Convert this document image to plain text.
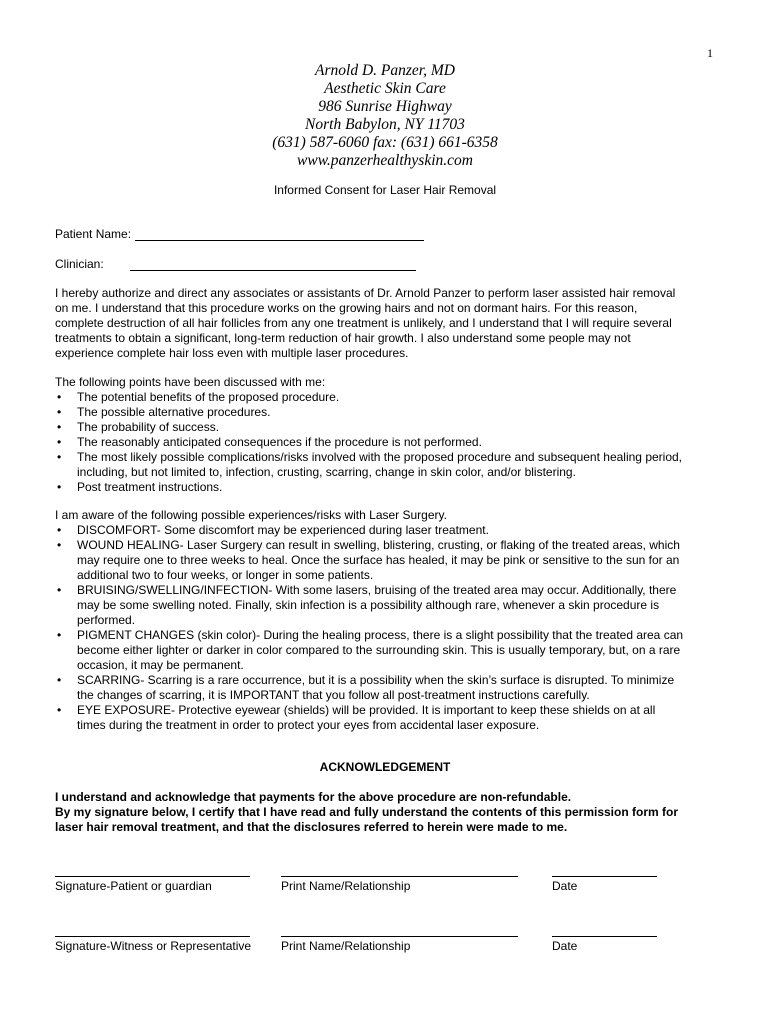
1
Arnold D. Panzer, MD
Aesthetic Skin Care
986 Sunrise Highway
North Babylon, NY 11703
(631) 587-6060 fax: (631) 661-6358
www.panzerhealthyskin.com
Informed Consent for Laser Hair Removal
Patient Name:
Clinician:

I hereby authorize and direct any associates or assistants of Dr. Arnold Panzer to perform laser assisted hair removal

on me. I understand that this procedure works on the growing hairs and not on dormant hairs. For this reason,

complete destruction of all hair follicles from any one treatment is unlikely, and I understand that I will require several

treatments to obtain a significant, long-term reduction of hair growth. I also understand some people may not

experience complete hair loss even with multiple laser procedures.

The following points have been discussed with me:

• The potential benefits of the proposed procedure.
• The possible alternative procedures.
• The probability of success.
• The reasonably anticipated consequences if the procedure is not performed.
• The most likely possible complications/risks involved with the proposed procedure and subsequent healing period,
including, but not limited to, infection, crusting, scarring, change in skin color, and/or blistering.
• Post treatment instructions.

I am aware of the following possible experiences/risks with Laser Surgery.

• DISCOMFORT- Some discomfort may be experienced during laser treatment.
• WOUND HEALING- Laser Surgery can result in swelling, blistering, crusting, or flaking of the treated areas, which
may require one to three weeks to heal. Once the surface has healed, it may be pink or sensitive to the sun for an
additional two to four weeks, or longer in some patients.
• BRUISING/SWELLING/INFECTION- With some lasers, bruising of the treated area may occur. Additionally, there
may be some swelling noted. Finally, skin infection is a possibility although rare, whenever a skin procedure is
performed.
• PIGMENT CHANGES (skin color)- During the healing process, there is a slight possibility that the treated area can
become either lighter or darker in color compared to the surrounding skin. This is usually temporary, but, on a rare
occasion, it may be permanent.
• SCARRING- Scarring is a rare occurrence, but it is a possibility when the skin’s surface is disrupted. To minimize
the changes of scarring, it is IMPORTANT that you follow all post-treatment instructions carefully.
• EYE EXPOSURE- Protective eyewear (shields) will be provided. It is important to keep these shields on at all
times during the treatment in order to protect your eyes from accidental laser exposure.
ACKNOWLEDGEMENT

I understand and acknowledge that payments for the above procedure are non-refundable.

By my signature below, I certify that I have read and fully understand the contents of this permission form for

laser hair removal treatment, and that the disclosures referred to herein were made to me.

Signature-Patient or guardian	Print Name/Relationship	Date
Signature-Witness or Representative Print Name/Relationship	Date
